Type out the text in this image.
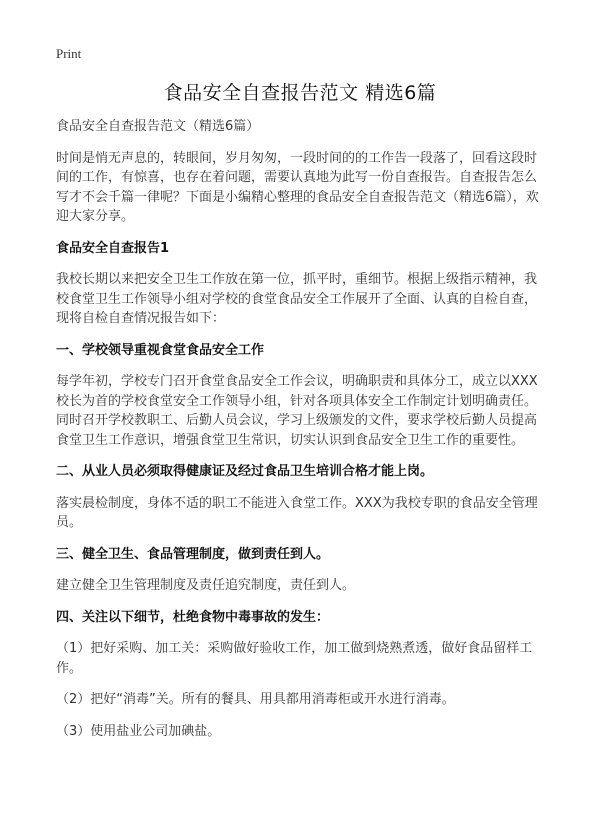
Print
食品安全自查报告范文 精选6篇

食品安全自查报告范文（精选6篇）

时间是悄无声息的，转眼间，岁月匆匆，一段时间的的工作告一段落了，回看这段时间的工作，有惊喜，也存在着问题，需要认真地为此写一份自查报告。自查报告怎么写才不会千篇一律呢？下面是小编精心整理的食品安全自查报告范文（精选6篇），欢迎大家分享。

食品安全自查报告1

我校长期以来把安全卫生工作放在第一位，抓平时，重细节。根据上级指示精神，我校食堂卫生工作领导小组对学校的食堂食品安全工作展开了全面、认真的自检自查，现将自检自查情况报告如下：

一、学校领导重视食堂食品安全工作

每学年初，学校专门召开食堂食品安全工作会议，明确职责和具体分工，成立以XXX校长为首的学校食堂安全工作领导小组，针对各项具体安全工作制定计划明确责任。同时召开学校教职工、后勤人员会议，学习上级颁发的文件，要求学校后勤人员提高食堂卫生工作意识，增强食堂卫生常识，切实认识到食品安全卫生工作的重要性。

二、从业人员必须取得健康证及经过食品卫生培训合格才能上岗。

落实晨检制度，身体不适的职工不能进入食堂工作。XXX为我校专职的食品安全管理员。

三、健全卫生、食品管理制度，做到责任到人。

建立健全卫生管理制度及责任追究制度，责任到人。

四、关注以下细节，杜绝食物中毒事故的发生：

（1）把好采购、加工关：采购做好验收工作，加工做到烧熟煮透，做好食品留样工作。

（2）把好“消毒”关。所有的餐具、用具都用消毒柜或开水进行消毒。

（3）使用盐业公司加碘盐。
